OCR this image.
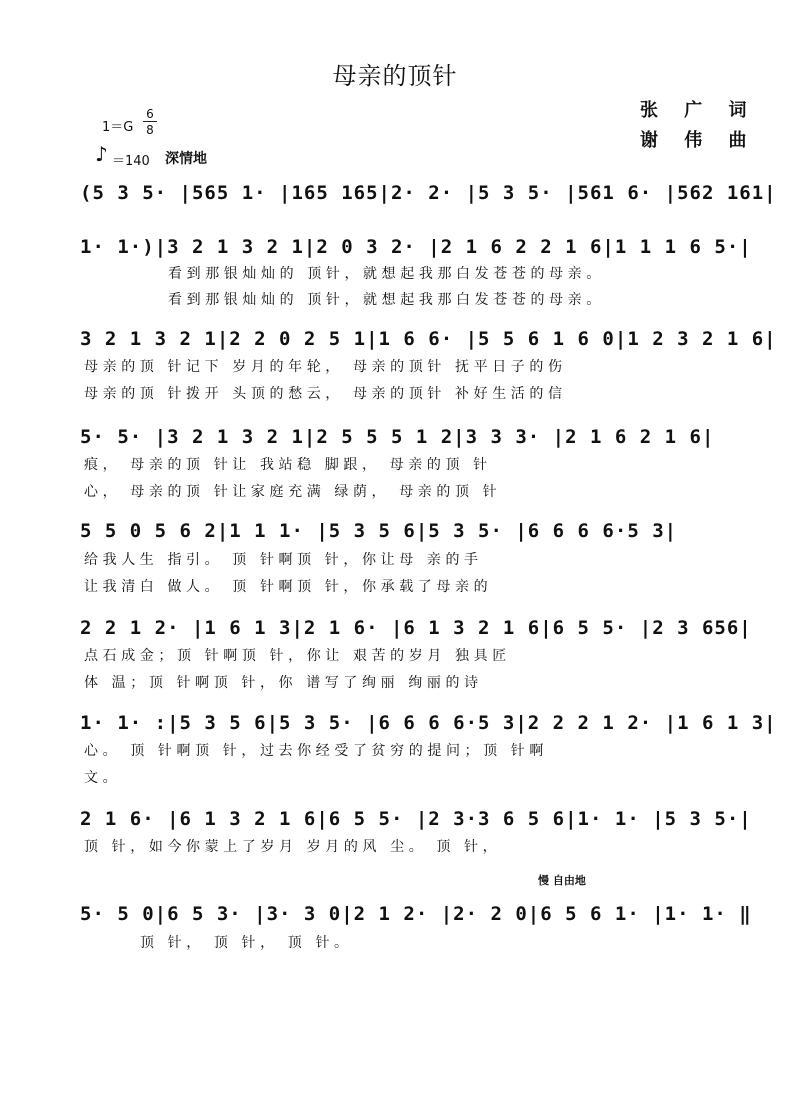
母亲的顶针
张 广 词
谢 伟 曲
1＝G
6
8
♪ ＝140 深情地
(5 3 5· |565 1· |165 165|2· 2· |5 3 5· |561 6· |562 161|
1· 1·)|3 2 1 3 2 1|2 0 3 2· |2 1 6 2 2 1 6|1 1 1 6 5·|
看到那银灿灿的 顶针，就想起我那白发苍苍的母亲。
看到那银灿灿的 顶针，就想起我那白发苍苍的母亲。
3 2 1 3 2 1|2 2 0 2 5 1|1 6 6· |5 5 6 1 6 0|1 2 3 2 1 6|
母亲的顶 针记下 岁月的年轮， 母亲的顶针 抚平日子的伤
母亲的顶 针拨开 头顶的愁云， 母亲的顶针 补好生活的信
5· 5· |3 2 1 3 2 1|2 5 5 5 1 2|3 3 3· |2 1 6 2 1 6|
痕， 母亲的顶 针让 我站稳 脚跟， 母亲的顶 针
心， 母亲的顶 针让家庭充满 绿荫， 母亲的顶 针
5 5 0 5 6 2|1 1 1· |5 3 5 6|5 3 5· |6 6 6 6·5 3|
给我人生 指引。 顶 针啊顶 针，你让母 亲的手
让我清白 做人。 顶 针啊顶 针，你承载了母亲的
2 2 1 2· |1 6 1 3|2 1 6· |6 1 3 2 1 6|6 5 5· |2 3 656|
点石成金；顶 针啊顶 针，你让 艰苦的岁月 独具匠
体 温；顶 针啊顶 针，你 谱写了绚丽 绚丽的诗
1· 1· :|5 3 5 6|5 3 5· |6 6 6 6·5 3|2 2 2 1 2· |1 6 1 3|
心。 顶 针啊顶 针，过去你经受了贫穷的提问；顶 针啊
文。
2 1 6· |6 1 3 2 1 6|6 5 5· |2 3·3 6 5 6|1· 1· |5 3 5·|
顶 针，如今你蒙上了岁月 岁月的风 尘。 顶 针，
慢 自由地
5· 5 0|6 5 3· |3· 3 0|2 1 2· |2· 2 0|6 5 6 1· |1· 1· ‖
顶 针， 顶 针， 顶 针。
